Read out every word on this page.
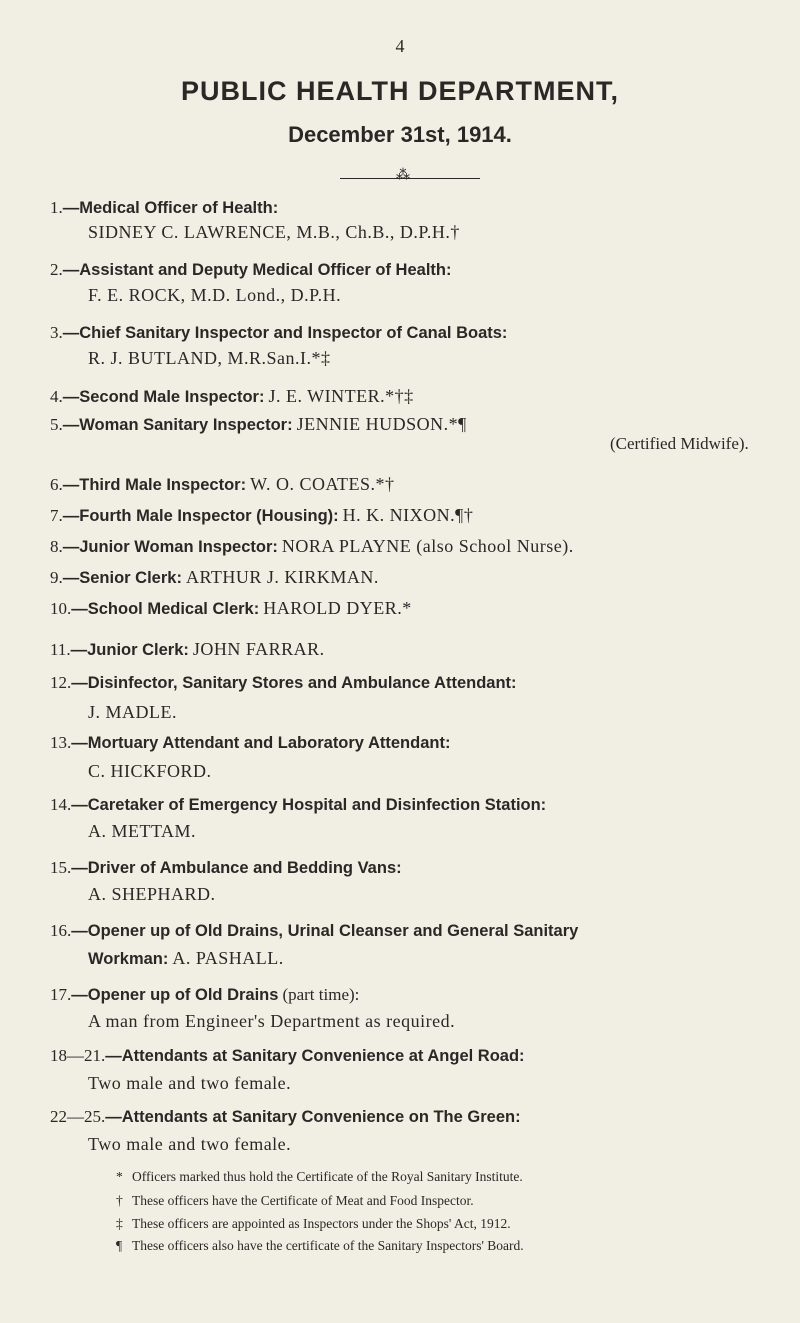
4
PUBLIC HEALTH DEPARTMENT,
December 31st, 1914.
⁂
1.—Medical Officer of Health:
SIDNEY C. LAWRENCE, M.B., Ch.B., D.P.H.†
2.—Assistant and Deputy Medical Officer of Health:
F. E. ROCK, M.D. Lond., D.P.H.
3.—Chief Sanitary Inspector and Inspector of Canal Boats:
R. J. BUTLAND, M.R.San.I.*‡
4.—Second Male Inspector: J. E. WINTER.*†‡
5.—Woman Sanitary Inspector: JENNIE HUDSON.*¶
(Certified Midwife).
6.—Third Male Inspector: W. O. COATES.*†
7.—Fourth Male Inspector (Housing): H. K. NIXON.¶†
8.—Junior Woman Inspector: NORA PLAYNE (also School Nurse).
9.—Senior Clerk: ARTHUR J. KIRKMAN.
10.—School Medical Clerk: HAROLD DYER.*
11.—Junior Clerk: JOHN FARRAR.
12.—Disinfector, Sanitary Stores and Ambulance Attendant:
J. MADLE.
13.—Mortuary Attendant and Laboratory Attendant:
C. HICKFORD.
14.—Caretaker of Emergency Hospital and Disinfection Station:
A. METTAM.
15.—Driver of Ambulance and Bedding Vans:
A. SHEPHARD.
16.—Opener up of Old Drains, Urinal Cleanser and General Sanitary
Workman: A. PASHALL.
17.—Opener up of Old Drains (part time):
A man from Engineer's Department as required.
18—21.—Attendants at Sanitary Convenience at Angel Road:
Two male and two female.
22—25.—Attendants at Sanitary Convenience on The Green:
Two male and two female.
* Officers marked thus hold the Certificate of the Royal Sanitary Institute.
† These officers have the Certificate of Meat and Food Inspector.
‡ These officers are appointed as Inspectors under the Shops' Act, 1912.
¶ These officers also have the certificate of the Sanitary Inspectors' Board.
